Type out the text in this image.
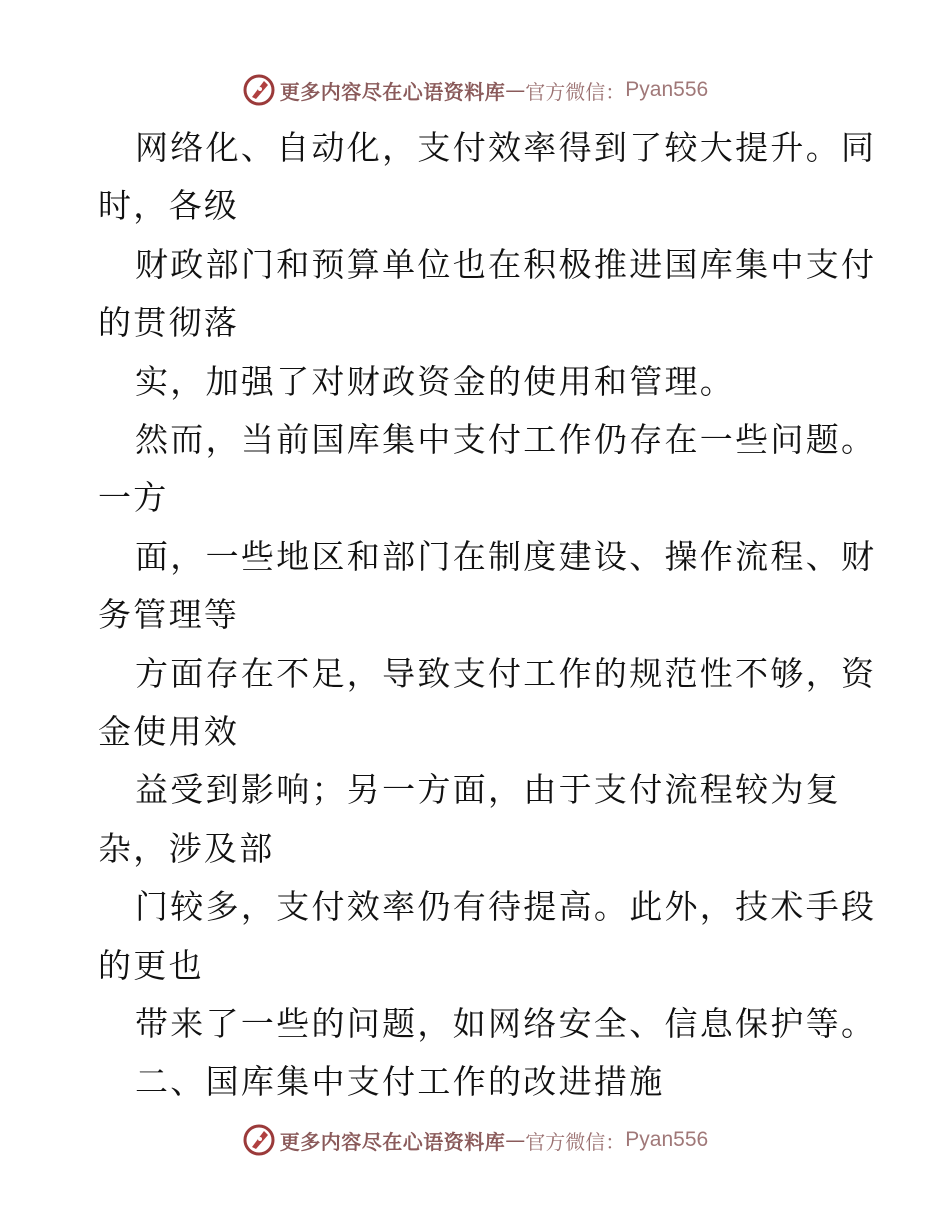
更多内容尽在心语资料库 — 官方微信： Pyan556
网络化、自动化，支付效率得到了较大提升。同
时，各级
财政部门和预算单位也在积极推进国库集中支付
的贯彻落
实，加强了对财政资金的使用和管理。
然而，当前国库集中支付工作仍存在一些问题。
一方
面，一些地区和部门在制度建设、操作流程、财
务管理等
方面存在不足，导致支付工作的规范性不够，资
金使用效
益受到影响；另一方面，由于支付流程较为复
杂，涉及部
门较多，支付效率仍有待提高。此外，技术手段
的更也
带来了一些的问题，如网络安全、信息保护等。
二、国库集中支付工作的改进措施
更多内容尽在心语资料库 — 官方微信： Pyan556
